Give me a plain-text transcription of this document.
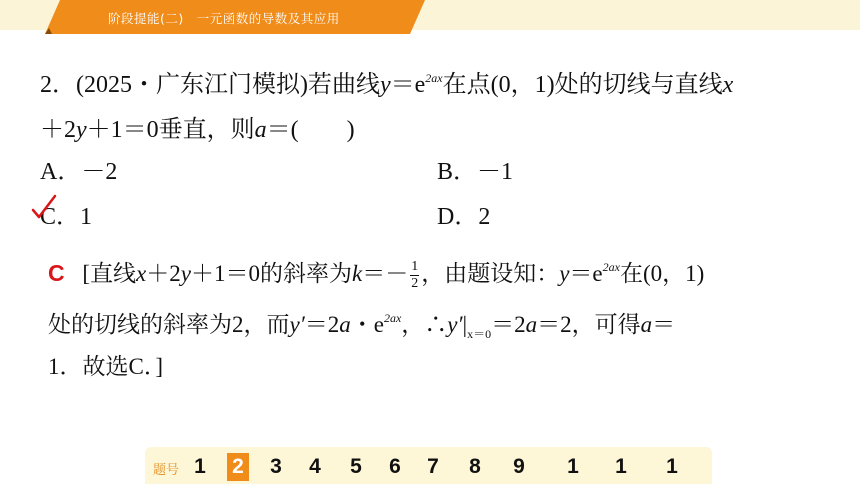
阶段提能(二)　一元函数的导数及其应用
2．(2025・广东江门模拟)若曲线$y=e^{2ax}$在点(0，1)处的切线与直线x
＋2y＋1＝0垂直，则a＝(　　)
A．－2	B．－1
C．1	D．2
C [直线x＋2y＋1＝0的斜率为$k=- \frac{1}{2}$ ，由题设知：$y=e^{2ax}$在(0，1)
处的切线的斜率为2，而y′＝2a・$e^{2ax}$，$\therefore y'|_{x=0}=2a=2$，可得a＝
1．故选C．]
题号 1 2 3 4 5 6 7 8 9 1 1 1
